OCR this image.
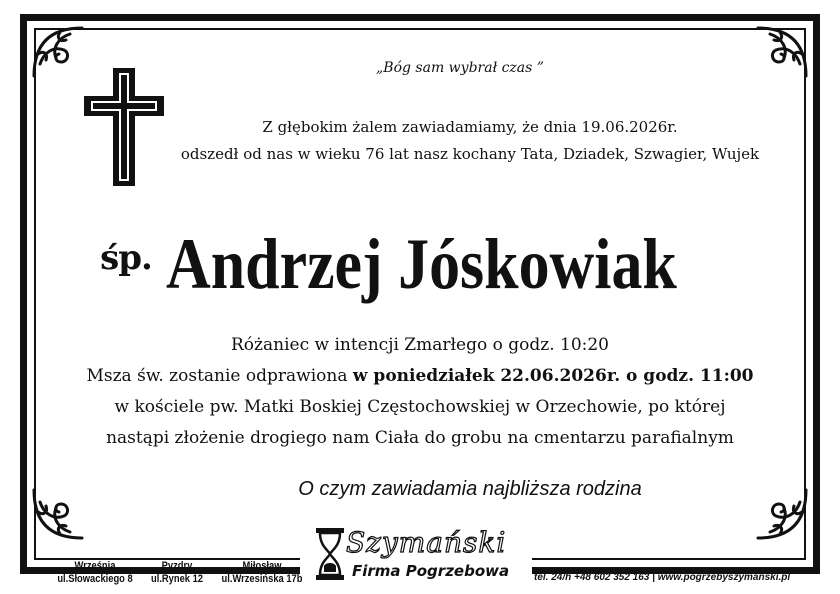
„Bóg sam wybrał czas ”
Z głębokim żalem zawiadamiamy, że dnia 19.06.2026r.
odszedł od nas w wieku 76 lat nasz kochany Tata, Dziadek, Szwagier, Wujek
śp. Andrzej Jóskowiak
Różaniec w intencji Zmarłego o godz. 10:20
Msza św. zostanie odprawiona w poniedziałek 22.06.2026r. o godz. 11:00
w kościele pw. Matki Boskiej Częstochowskiej w Orzechowie, po której
nastąpi złożenie drogiego nam Ciała do grobu na cmentarzu parafialnym
O czym zawiadamia najbliższa rodzina
Września
ul.Słowackiego 8
Pyzdry
ul.Rynek 12
Miłosław
ul.Wrzesińska 17b
Szymański
Firma Pogrzebowa tel. 24/h +48 602 352 163 | www.pogrzebyszymanski.pl
